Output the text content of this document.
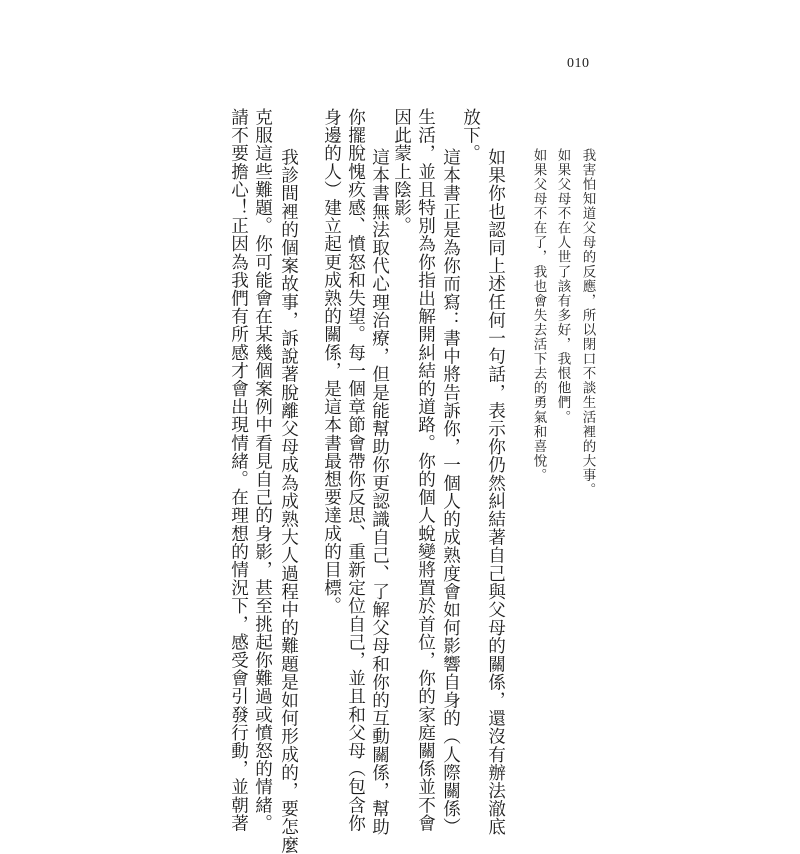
010
我害怕知道父母的反應，所以閉口不談生活裡的大事。
如果父母不在人世了該有多好，我恨他們。
如果父母不在了，我也會失去活下去的勇氣和喜悅。
如果你也認同上述任何一句話，表示你仍然糾結著自己與父母的關係，還沒有辦法澈底
放下。
這本書正是為你而寫：書中將告訴你，一個人的成熟度會如何影響自身的（人際關係）
生活，並且特別為你指出解開糾結的道路。你的個人蛻變將置於首位，你的家庭關係並不會
因此蒙上陰影。
這本書無法取代心理治療，但是能幫助你更認識自己、了解父母和你的互動關係，幫助
你擺脫愧疚感、憤怒和失望。每一個章節會帶你反思、重新定位自己，並且和父母（包含你
身邊的人）建立起更成熟的關係，是這本書最想要達成的目標。
我診間裡的個案故事，訴說著脫離父母成為成熟大人過程中的難題是如何形成的，要怎麼
克服這些難題。你可能會在某幾個案例中看見自己的身影，甚至挑起你難過或憤怒的情緒。
請不要擔心！正因為我們有所感才會出現情緒。在理想的情況下，感受會引發行動，並朝著
